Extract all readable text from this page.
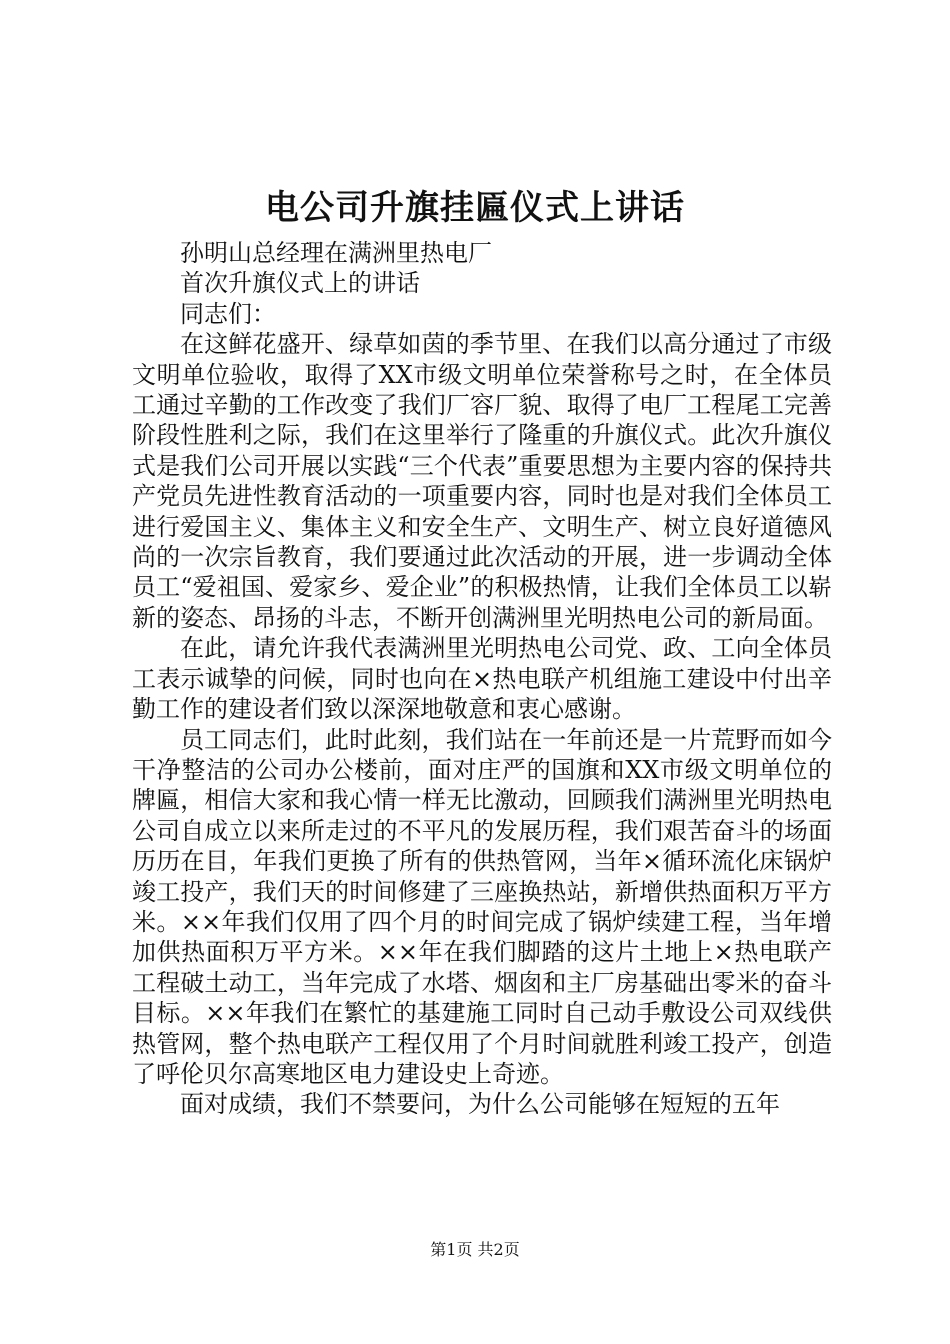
电公司升旗挂匾仪式上讲话

孙明山总经理在满洲里热电厂

首次升旗仪式上的讲话

同志们：

在这鲜花盛开、绿草如茵的季节里、在我们以高分通过了市级文明单位验收，取得了XX市级文明单位荣誉称号之时，在全体员工通过辛勤的工作改变了我们厂容厂貌、取得了电厂工程尾工完善阶段性胜利之际，我们在这里举行了隆重的升旗仪式。此次升旗仪式是我们公司开展以实践“三个代表”重要思想为主要内容的保持共产党员先进性教育活动的一项重要内容，同时也是对我们全体员工进行爱国主义、集体主义和安全生产、文明生产、树立良好道德风尚的一次宗旨教育，我们要通过此次活动的开展，进一步调动全体员工“爱祖国、爱家乡、爱企业”的积极热情，让我们全体员工以崭新的姿态、昂扬的斗志，不断开创满洲里光明热电公司的新局面。

在此，请允许我代表满洲里光明热电公司党、政、工向全体员工表示诚挚的问候，同时也向在×热电联产机组施工建设中付出辛勤工作的建设者们致以深深地敬意和衷心感谢。

员工同志们，此时此刻，我们站在一年前还是一片荒野而如今干净整洁的公司办公楼前，面对庄严的国旗和XX市级文明单位的牌匾，相信大家和我心情一样无比激动，回顾我们满洲里光明热电公司自成立以来所走过的不平凡的发展历程，我们艰苦奋斗的场面历历在目，年我们更换了所有的供热管网，当年×循环流化床锅炉竣工投产，我们天的时间修建了三座换热站，新增供热面积万平方米。××年我们仅用了四个月的时间完成了锅炉续建工程，当年增加供热面积万平方米。××年在我们脚踏的这片土地上×热电联产工程破土动工，当年完成了水塔、烟囱和主厂房基础出零米的奋斗目标。××年我们在繁忙的基建施工同时自己动手敷设公司双线供热管网，整个热电联产工程仅用了个月时间就胜利竣工投产，创造了呼伦贝尔高寒地区电力建设史上奇迹。

面对成绩，我们不禁要问，为什么公司能够在短短的五年

第1页 共2页
